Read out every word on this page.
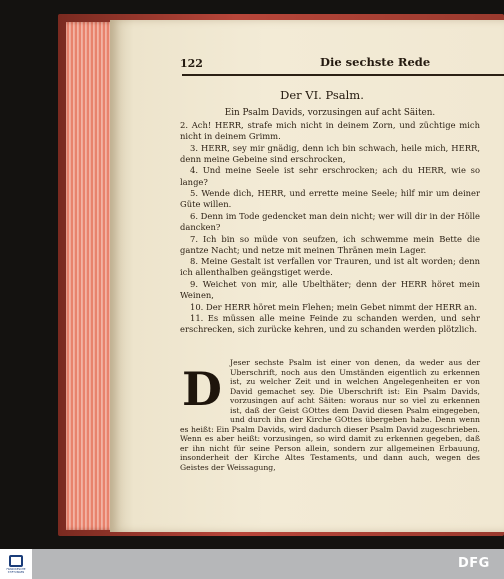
122	Die sechste Rede
Der VI. Psalm.

Ein Psalm Davids, vorzusingen auf acht Säiten.

2. Ach! HERR, strafe mich nicht in deinem Zorn, und züchtige mich nicht in deinem Grimm.

3. HERR, sey mir gnädig, denn ich bin schwach, heile mich, HERR, denn meine Gebeine sind erschrocken,

4. Und meine Seele ist sehr erschrocken; ach du HERR, wie so lange?

5. Wende dich, HERR, und errette meine Seele; hilf mir um deiner Güte willen.

6. Denn im Tode gedencket man dein nicht; wer will dir in der Hölle dancken?

7. Ich bin so müde von seufzen, ich schwemme mein Bette die gantze Nacht; und netze mit meinen Thränen mein Lager.

8. Meine Gestalt ist verfallen vor Trauren, und ist alt worden; denn ich allenthalben geängstiget werde.

9. Weichet von mir, alle Ubelthäter; denn der HERR höret mein Weinen,

10. Der HERR höret mein Flehen; mein Gebet nimmt der HERR an.

11. Es müssen alle meine Feinde zu schanden werden, und sehr erschrecken, sich zurücke kehren, und zu schanden werden plötzlich.

D Jeser sechste Psalm ist einer von denen, da weder aus der Uberschrift, noch aus den Umständen eigentlich zu erkennen ist, zu welcher Zeit und in welchen Angelegenheiten er von David gemachet sey. Die Uberschrift ist: Ein Psalm Davids, vorzusingen auf acht Säiten: woraus nur so viel zu erkennen ist, daß der Geist GOttes dem David diesen Psalm eingegeben, und durch ihn der Kirche GOttes übergeben habe. Denn wenn es heißt: Ein Psalm Davids, wird dadurch dieser Psalm David zugeschrieben. Wenn es aber heißt: vorzusingen, so wird damit zu erkennen gegeben, daß er ihn nicht für seine Person allein, sondern zur allgemeinen Erbauung, insonderheit der Kirche Altes Testaments, und dann auch, wegen des Geistes der Weissagung,
FRANCKESCHE STIFTUNGEN
DFG
